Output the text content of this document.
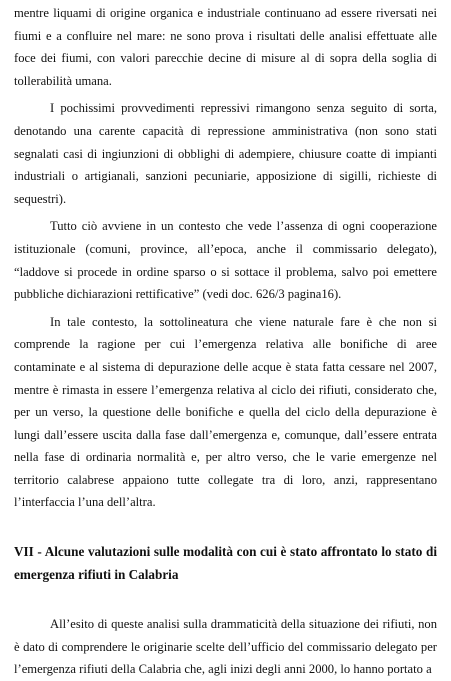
mentre liquami di origine organica e industriale continuano ad essere riversati nei fiumi e a confluire nel mare: ne sono prova i risultati delle analisi effettuate alle foce dei fiumi, con valori parecchie decine di misure al di sopra della soglia di tollerabilità umana.

I pochissimi provvedimenti repressivi rimangono senza seguito di sorta, denotando una carente capacità di repressione amministrativa (non sono stati segnalati casi di ingiunzioni di obblighi di adempiere, chiusure coatte di impianti industriali o artigianali, sanzioni pecuniarie, apposizione di sigilli, richieste di sequestri).

Tutto ciò avviene in un contesto che vede l’assenza di ogni cooperazione istituzionale (comuni, province, all’epoca, anche il commissario delegato), “laddove si procede in ordine sparso o si sottace il problema, salvo poi emettere pubbliche dichiarazioni rettificative” (vedi doc. 626/3 pagina16).

In tale contesto, la sottolineatura che viene naturale fare è che non si comprende la ragione per cui l’emergenza relativa alle bonifiche di aree contaminate e al sistema di depurazione delle acque è stata fatta cessare nel 2007, mentre è rimasta in essere l’emergenza relativa al ciclo dei rifiuti, considerato che, per un verso, la questione delle bonifiche e quella del ciclo della depurazione è lungi dall’essere uscita dalla fase dall’emergenza e, comunque, dall’essere entrata nella fase di ordinaria normalità e, per altro verso, che le varie emergenze nel territorio calabrese appaiono tutte collegate tra di loro, anzi, rappresentano l’interfaccia l’una dell’altra.

VII - Alcune valutazioni sulle modalità con cui è stato affrontato lo stato di emergenza rifiuti in Calabria

All’esito di queste analisi sulla drammaticità della situazione dei rifiuti, non è dato di comprendere le originarie scelte dell’ufficio del commissario delegato per l’emergenza rifiuti della Calabria che, agli inizi degli anni 2000, lo hanno portato a
